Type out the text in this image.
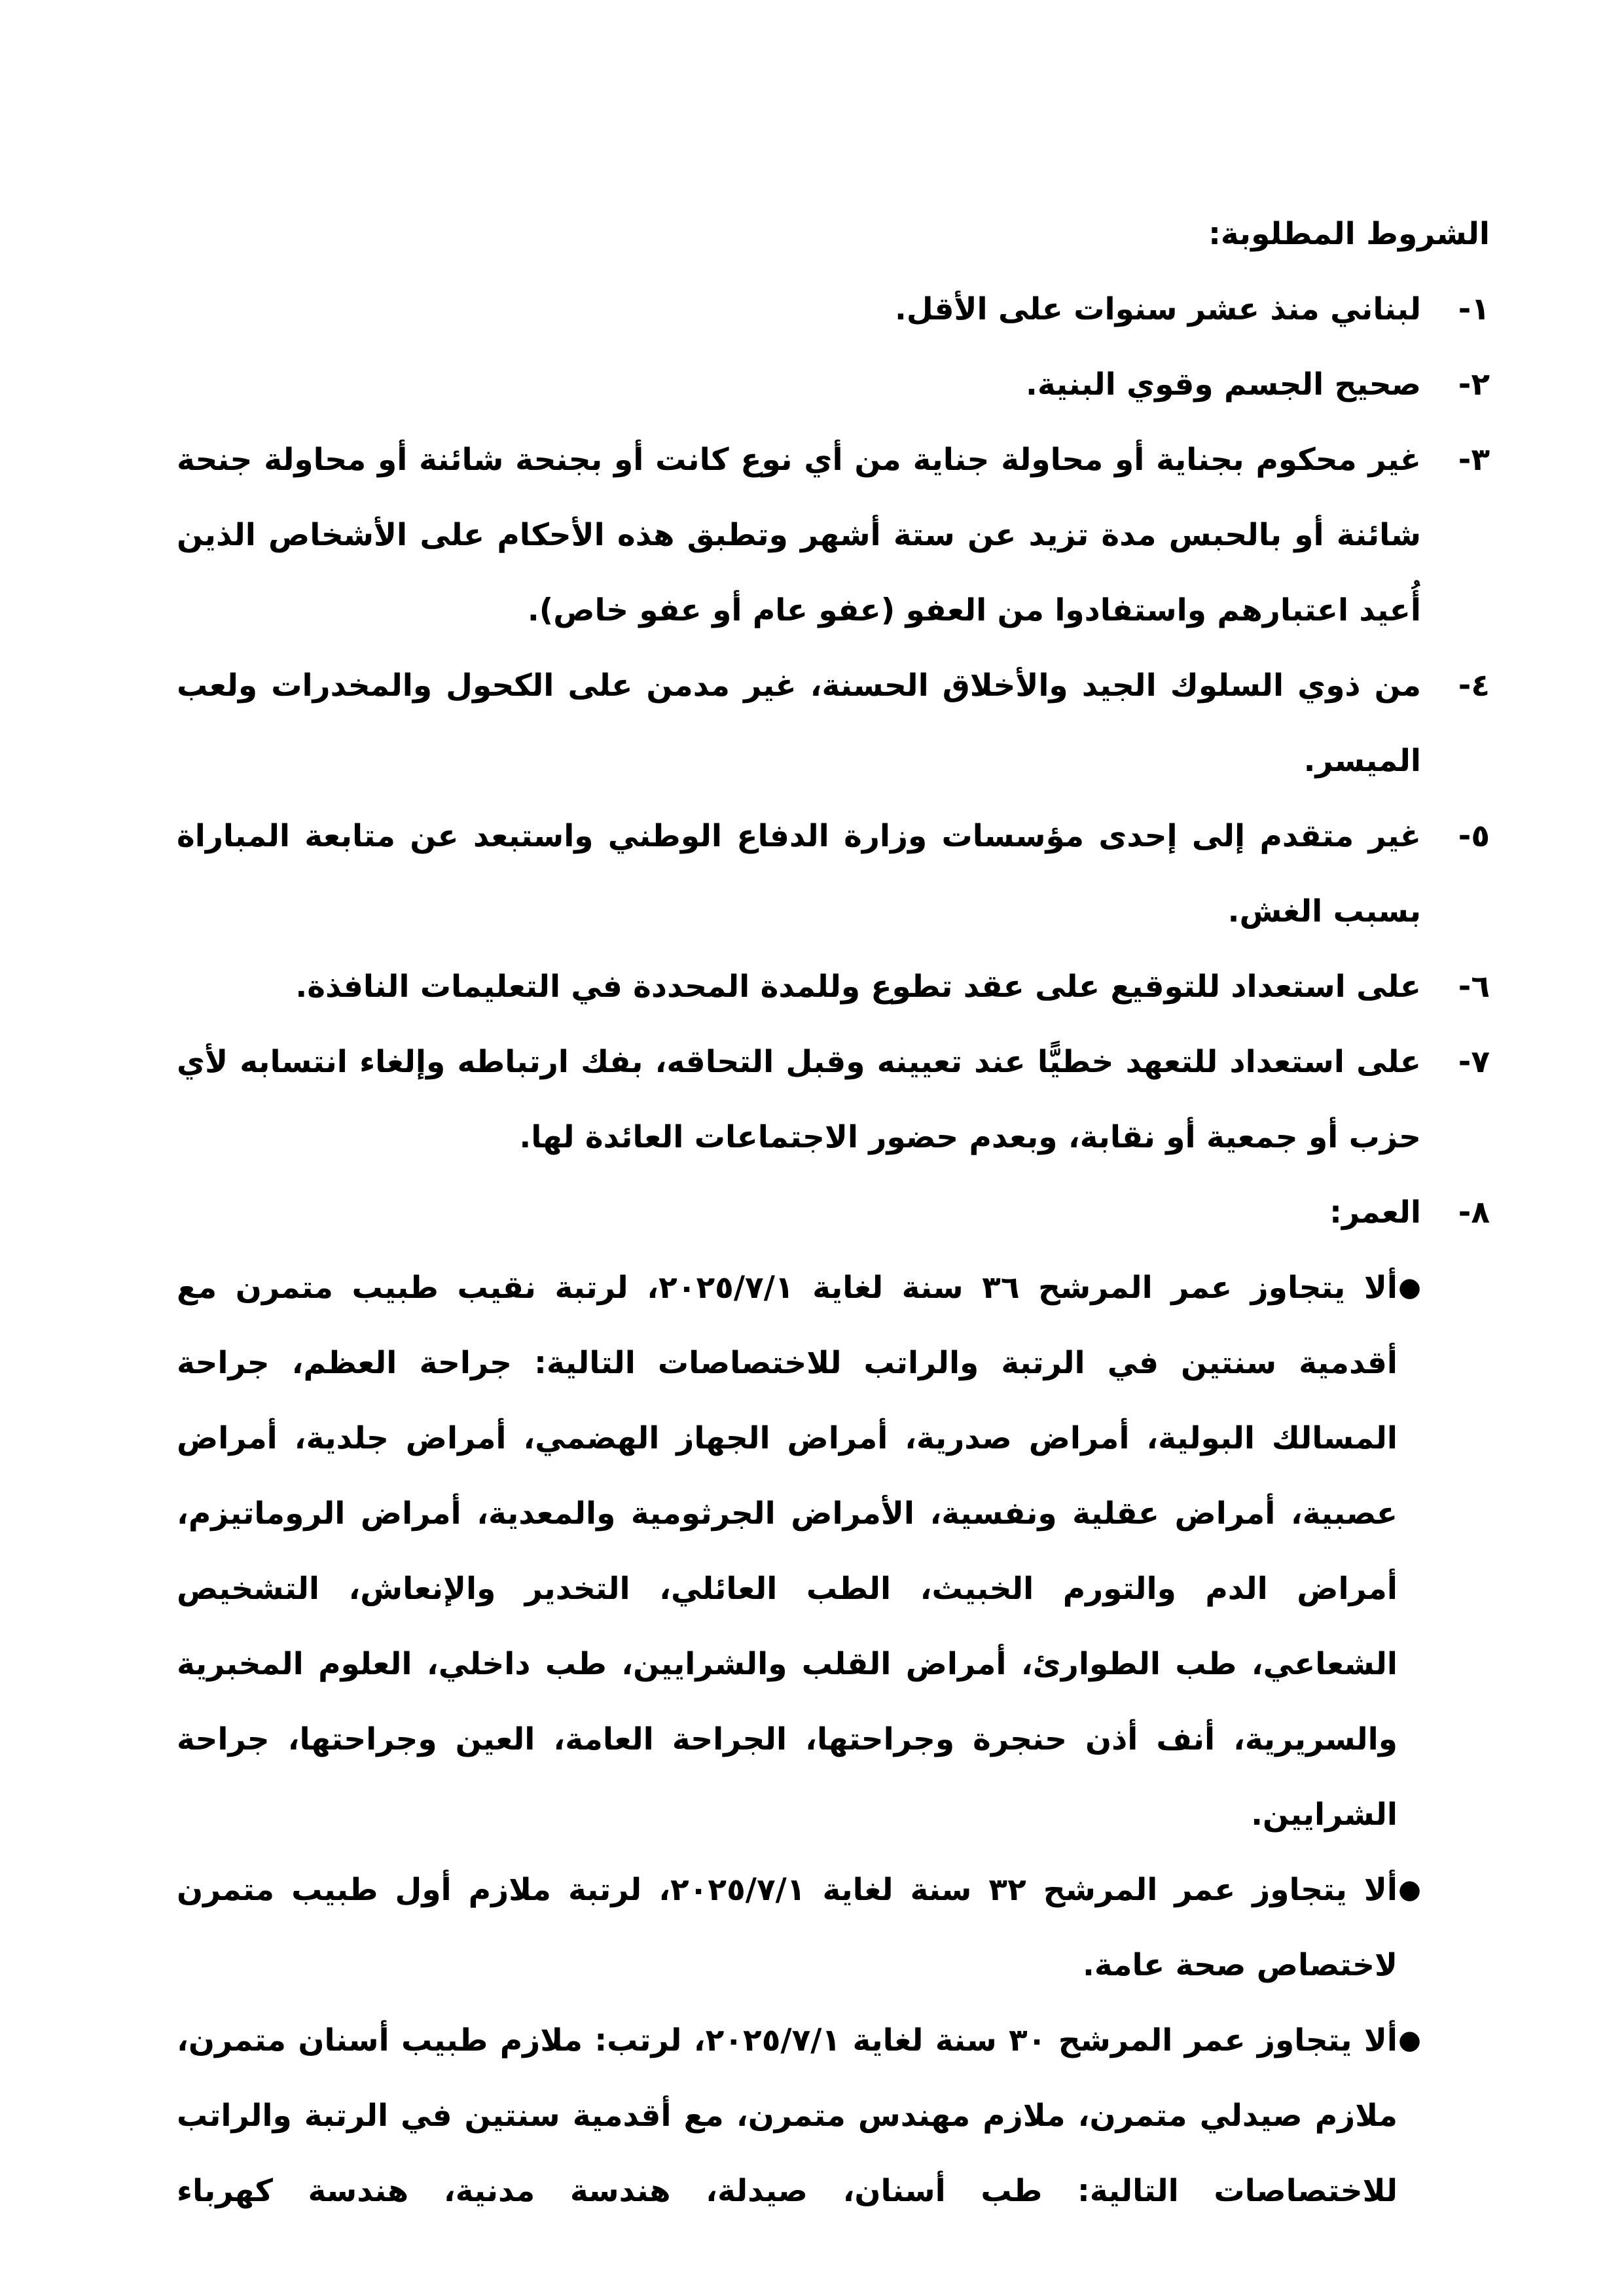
الشروط المطلوبة:

١-
لبناني منذ عشر سنوات على الأقل.
٢-
صحيح الجسم وقوي البنية.
٣-
غير محكوم بجناية أو محاولة جناية من أي نوع كانت أو بجنحة شائنة أو محاولة جنحة شائنة أو بالحبس مدة تزيد عن ستة أشهر وتطبق هذه الأحكام على الأشخاص الذين أُعيد اعتبارهم واستفادوا من العفو (عفو عام أو عفو خاص).
٤-
من ذوي السلوك الجيد والأخلاق الحسنة، غير مدمن على الكحول والمخدرات ولعب الميسر.
٥-
غير متقدم إلى إحدى مؤسسات وزارة الدفاع الوطني واستبعد عن متابعة المباراة بسبب الغش.
٦-
على استعداد للتوقيع على عقد تطوع وللمدة المحددة في التعليمات النافذة.
٧-
على استعداد للتعهد خطيًّا عند تعيينه وقبل التحاقه، بفك ارتباطه وإلغاء انتسابه لأي حزب أو جمعية أو نقابة، وبعدم حضور الاجتماعات العائدة لها.
٨-
العمر:
●
ألا يتجاوز عمر المرشح ٣٦ سنة لغاية ٢٠٢٥/٧/١، لرتبة نقيب طبيب متمرن مع أقدمية سنتين في الرتبة والراتب للاختصاصات التالية: جراحة العظم، جراحة المسالك البولية، أمراض صدرية، أمراض الجهاز الهضمي، أمراض جلدية، أمراض عصبية، أمراض عقلية ونفسية، الأمراض الجرثومية والمعدية، أمراض الروماتيزم، أمراض الدم والتورم الخبيث، الطب العائلي، التخدير والإنعاش، التشخيص الشعاعي، طب الطوارئ، أمراض القلب والشرايين، طب داخلي، العلوم المخبرية والسريرية، أنف أذن حنجرة وجراحتها، الجراحة العامة، العين وجراحتها، جراحة الشرايين.
●
ألا يتجاوز عمر المرشح ٣٢ سنة لغاية ٢٠٢٥/٧/١، لرتبة ملازم أول طبيب متمرن لاختصاص صحة عامة.
●
ألا يتجاوز عمر المرشح ٣٠ سنة لغاية ٢٠٢٥/٧/١، لرتب: ملازم طبيب أسنان متمرن، ملازم صيدلي متمرن، ملازم مهندس متمرن، مع أقدمية سنتين في الرتبة والراتب للاختصاصات التالية: طب أسنان، صيدلة، هندسة مدنية، هندسة كهرباء
